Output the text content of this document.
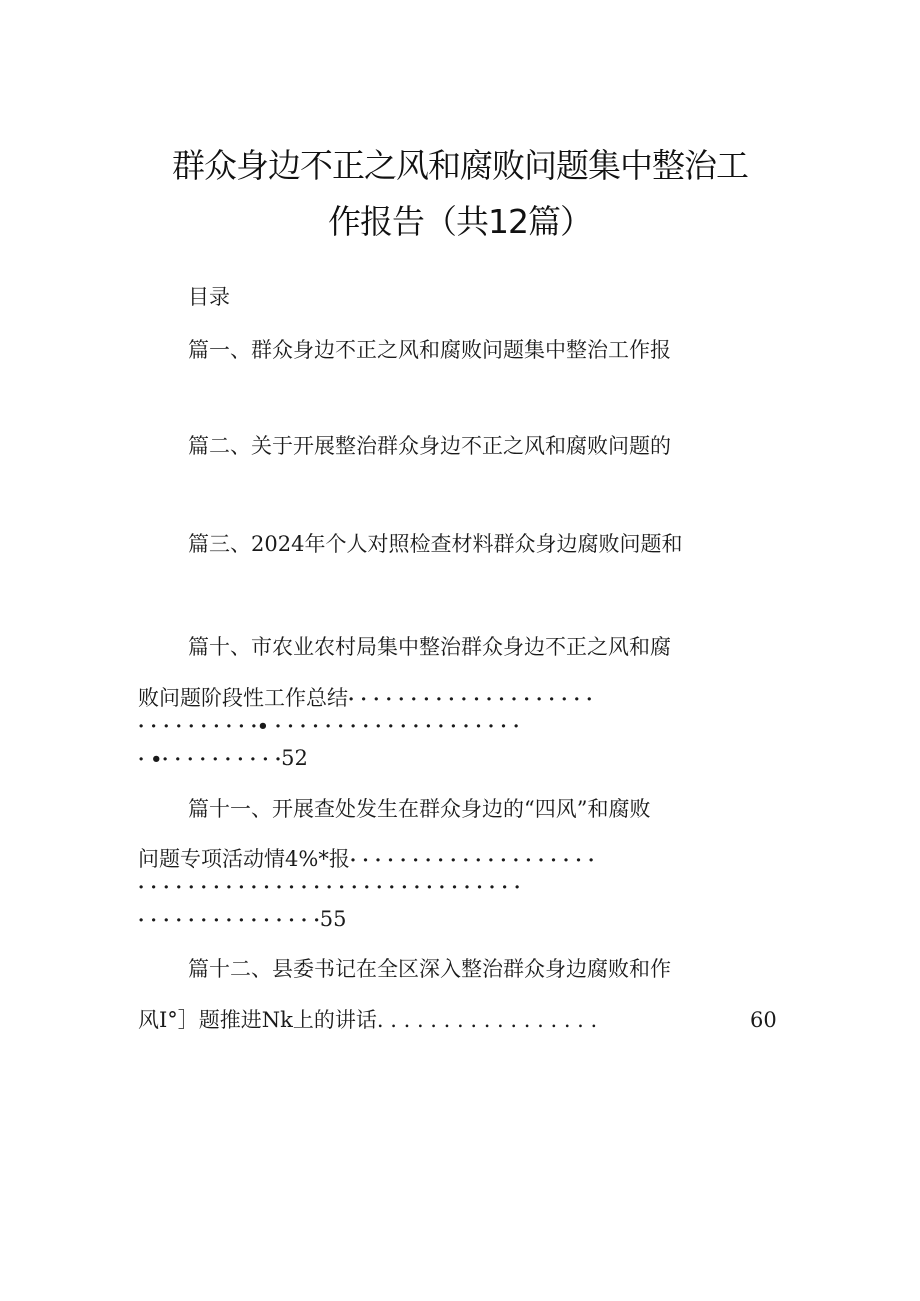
群众身边不正之风和腐败问题集中整治工
作报告（共12篇）
目录
篇一、群众身边不正之风和腐败问题集中整治工作报
篇二、关于开展整治群众身边不正之风和腐败问题的
篇三、2024年个人对照检查材料群众身边腐败问题和
篇十、市农业农村局集中整治群众身边不正之风和腐
败问题阶段性工作总结· · · · · · · · · · · · · · · · · · · ·
· · · · · · · · · ·• · · · · · · · · · · · · · · · · · · · ·
· •· · · · · · · · · ·52
篇十一、开展查处发生在群众身边的“四风”和腐败
问题专项活动情4%*报· · · · · · · · · · · · · · · · · · · ·
· · · · · · · · · · · · · · · · · · · · · · · · · · · · · · ·
· · · · · · · · · · · · · · ·55
篇十二、县委书记在全区深入整治群众身边腐败和作
风I°］题推进Nk上的讲话. . . . . . . . . . . . . . . . .	60
